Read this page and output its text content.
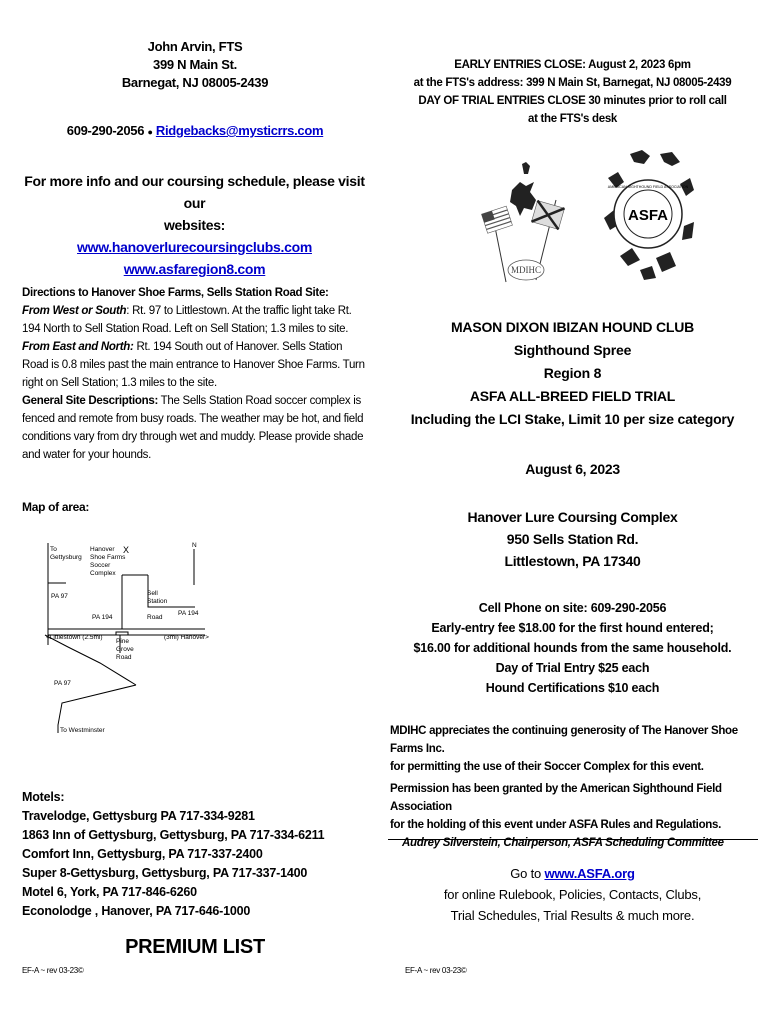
John Arvin, FTS
399 N Main St.
Barnegat, NJ 08005-2439
609-290-2056 ● Ridgebacks@mysticrrs.com
For more info and our coursing schedule, please visit our
websites:
www.hanoverlurecoursingclubs.com
www.asfaregion8.com
Directions to Hanover Shoe Farms, Sells Station Road Site:
From West or South: Rt. 97 to Littlestown. At the traffic light take Rt. 194 North to Sell Station Road. Left on Sell Station; 1.3 miles to site.
From East and North: Rt. 194 South out of Hanover. Sells Station Road is 0.8 miles past the main entrance to Hanover Shoe Farms. Turn right on Sell Station; 1.3 miles to the site.
General Site Descriptions: The Sells Station Road soccer complex is fenced and remote from busy roads. The weather may be hot, and field conditions vary from dry through wet and muddy. Please provide shade and water for your hounds.
Map of area:
To
Gettysburg
Hanover
Shoe Farms
Soccer
Complex
X	N
PA 97
PA 194
Sell
Station
Road
PA 194
<Littlestown (2.5mi)
Pine
Grove
Road
(3mi) Hanover>
PA 97
To Westminster
Motels:
Travelodge, Gettysburg PA 717-334-9281
1863 Inn of Gettysburg, Gettysburg, PA 717-334-6211
Comfort Inn, Gettysburg, PA 717-337-2400
Super 8-Gettysburg, Gettysburg, PA 717-337-1400
Motel 6, York, PA 717-846-6260
Econolodge , Hanover, PA 717-646-1000
PREMIUM LIST
EF-A ~ rev 03-23©
EARLY ENTRIES CLOSE: August 2, 2023 6pm
at the FTS's address: 399 N Main St, Barnegat, NJ 08005-2439
DAY OF TRIAL ENTRIES CLOSE 30 minutes prior to roll call
at the FTS's desk
MDIHC
ASFA
AMERICAN SIGHTHOUND FIELD ASSOCIATION
MASON DIXON IBIZAN HOUND CLUB
Sighthound Spree
Region 8
ASFA ALL-BREED FIELD TRIAL
Including the LCI Stake, Limit 10 per size category
August 6, 2023
Hanover Lure Coursing Complex
950 Sells Station Rd.
Littlestown, PA 17340
Cell Phone on site: 609-290-2056
Early-entry fee $18.00 for the first hound entered;
$16.00 for additional hounds from the same household.
Day of Trial Entry $25 each
Hound Certifications $10 each
MDIHC appreciates the continuing generosity of The Hanover Shoe Farms Inc.
for permitting the use of their Soccer Complex for this event.
Permission has been granted by the American Sighthound Field Association
for the holding of this event under ASFA Rules and Regulations.
Audrey Silverstein, Chairperson, ASFA Scheduling Committee
Go to www.ASFA.org
for online Rulebook, Policies, Contacts, Clubs,
Trial Schedules, Trial Results & much more.
EF-A ~ rev 03-23©
